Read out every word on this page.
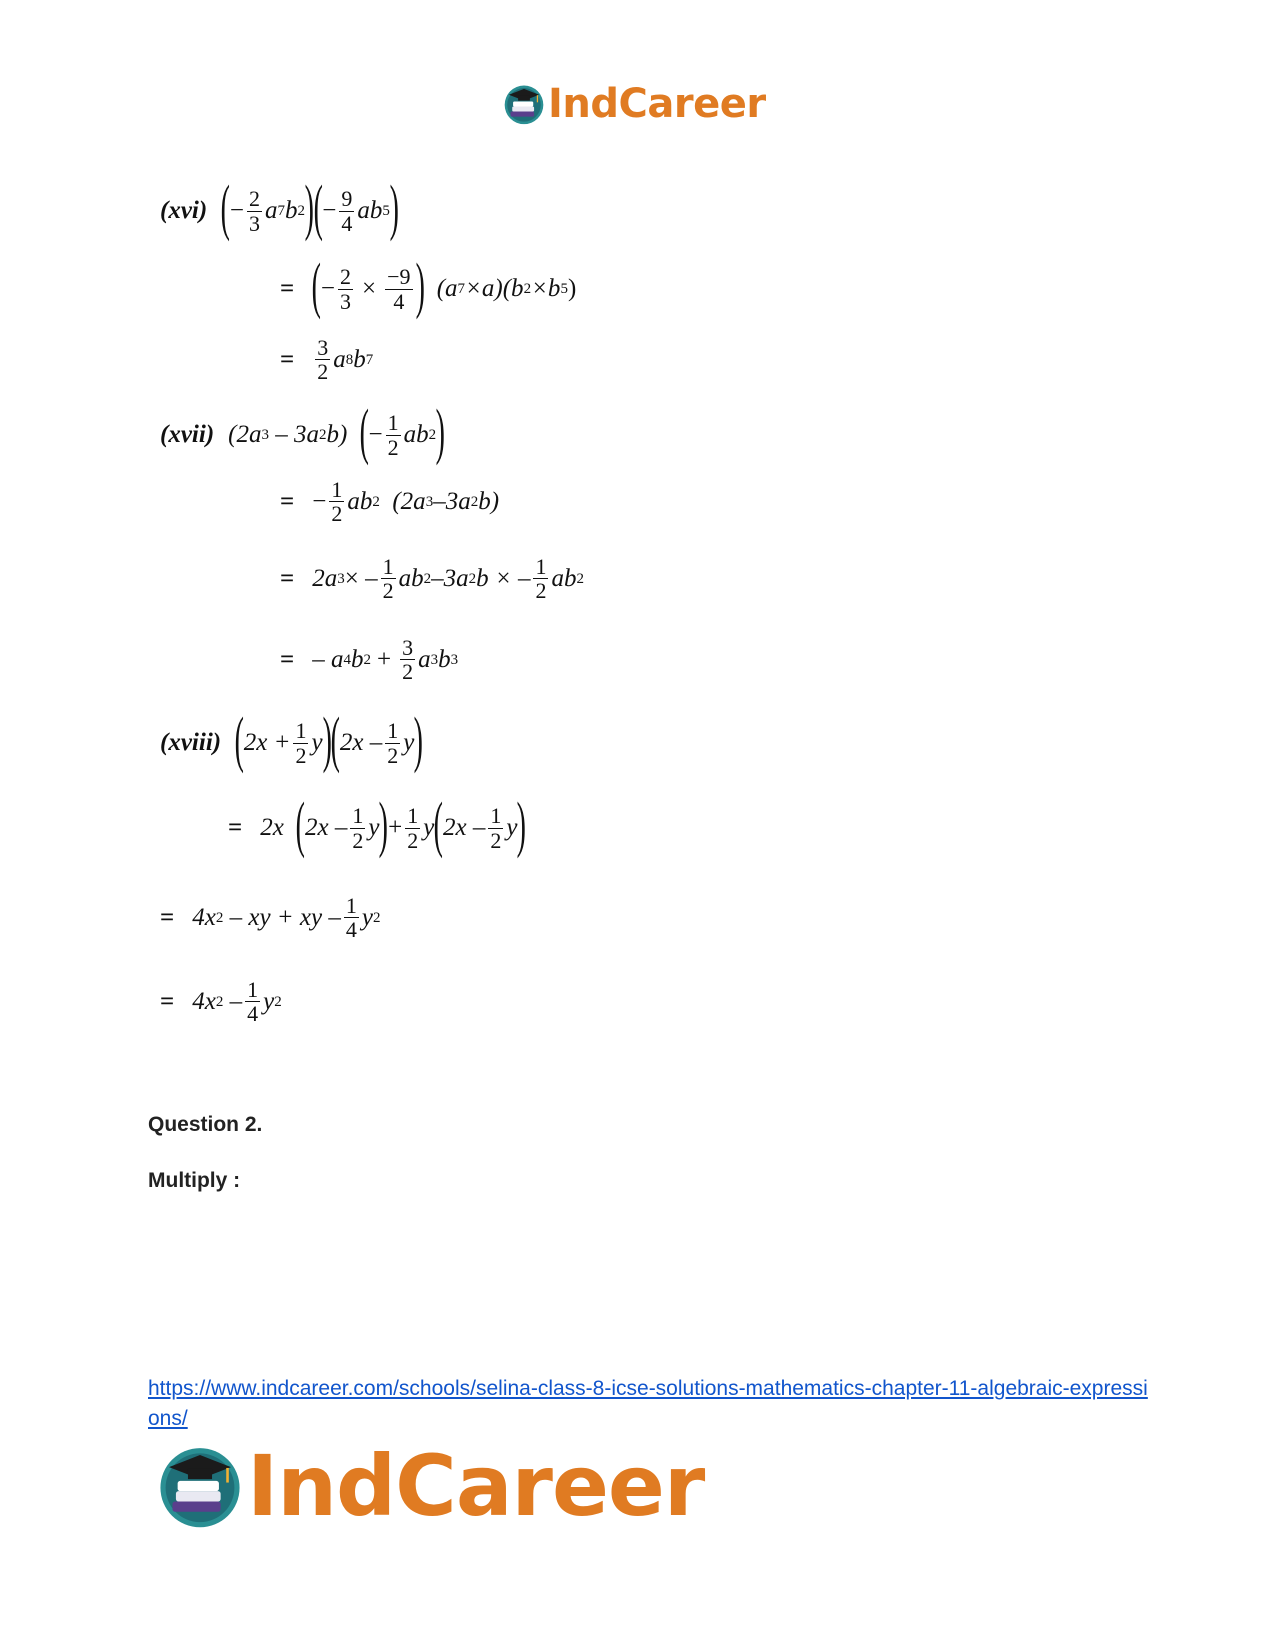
IndCareer
(xvi) ( − $\frac{2}{3}$ a 7 b 2 ) ( − $\frac{9}{4}$ ab 5 )
= ( − $\frac{2}{3} \times \frac{-9}{4}$ )
(a 7 ×a)(b 2 ×b 5 )
= $\frac{3}{2}$ a 8 b 7
(xvii) (2a 3
– 3a 2 b)
( − $\frac{1}{2}$ ab 2 )
= − $\frac{1}{2}$ ab 2
(2a 3 –3a 2 b)
= 2a 3 × – $\frac{1}{2}$ ab 2 –3a 2 b × – $\frac{1}{2}$ ab 2
= – a 4 b $2 + \frac{3}{2}$ a 3 b 3
(xviii) ( $2x + \frac{1}{2}$ y ) ( $2x - \frac{1}{2}$ y )
= 2x
( $2x - \frac{1}{2}$ y ) + $\frac{1}{2}$ y ( $2x - \frac{1}{2}$ y )
= 4x 2
– xy + xy – $\frac{1}{4}$ y 2
= 4x 2
– $\frac{1}{4}$ y 2
Question 2.
Multiply :
https://www.indcareer.com/schools/selina-class-8-icse-solutions-mathematics-chapter-11-algebraic-expressions/
IndCareer
